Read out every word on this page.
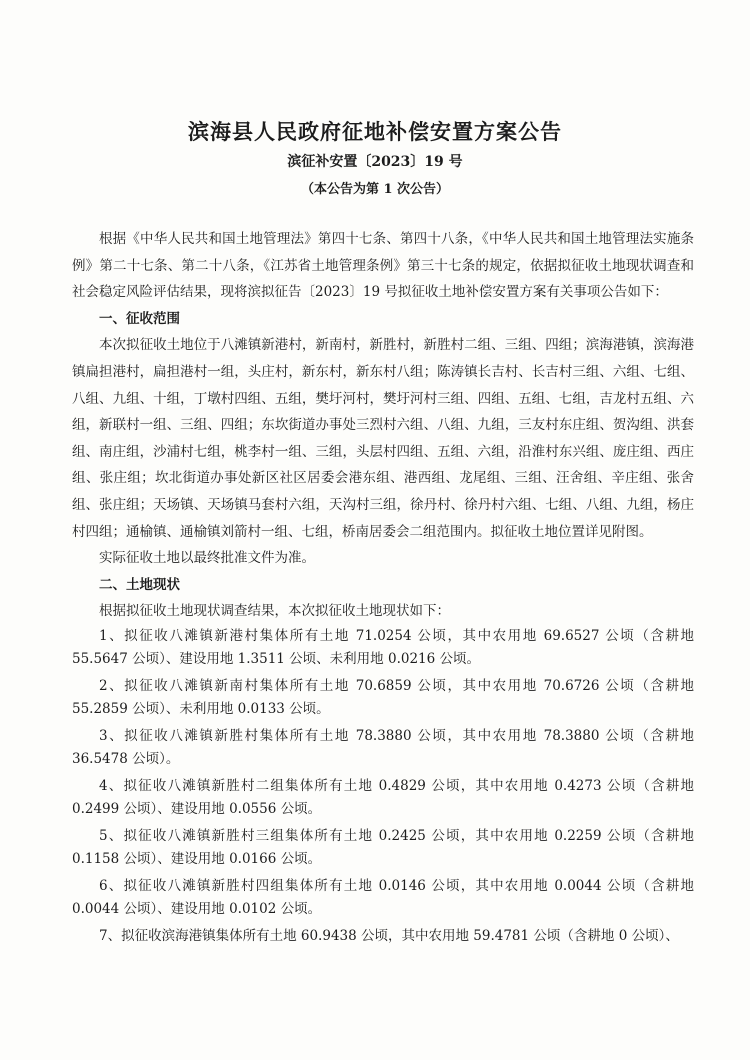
滨海县人民政府征地补偿安置方案公告
滨征补安置〔2023〕19 号
（本公告为第 1 次公告）

根据《中华人民共和国土地管理法》第四十七条、第四十八条，《中华人民共和国土地管理法实施条例》第二十七条、第二十八条，《江苏省土地管理条例》第三十七条的规定，依据拟征收土地现状调查和社会稳定风险评估结果，现将滨拟征告〔2023〕19 号拟征收土地补偿安置方案有关事项公告如下：

一、征收范围

本次拟征收土地位于八滩镇新港村，新南村，新胜村，新胜村二组、三组、四组；滨海港镇，滨海港镇扁担港村，扁担港村一组，头庄村，新东村，新东村八组；陈涛镇长吉村、长吉村三组、六组、七组、八组、九组、十组，丁墩村四组、五组，樊圩河村，樊圩河村三组、四组、五组、七组，吉龙村五组、六组，新联村一组、三组、四组；东坎街道办事处三烈村六组、八组、九组，三友村东庄组、贺沟组、洪套组、南庄组，沙浦村七组，桃李村一组、三组，头层村四组、五组、六组，沿淮村东兴组、庞庄组、西庄组、张庄组；坎北街道办事处新区社区居委会港东组、港西组、龙尾组、三组、汪舍组、辛庄组、张舍组、张庄组；天场镇、天场镇马套村六组，天沟村三组，徐丹村、徐丹村六组、七组、八组、九组，杨庄村四组；通榆镇、通榆镇刘箭村一组、七组，桥南居委会二组范围内。拟征收土地位置详见附图。

实际征收土地以最终批准文件为准。

二、土地现状

根据拟征收土地现状调查结果，本次拟征收土地现状如下：

1、拟征收八滩镇新港村集体所有土地 71.0254 公顷，其中农用地 69.6527 公顷（含耕地 55.5647 公顷）、建设用地 1.3511 公顷、未利用地 0.0216 公顷。

2、拟征收八滩镇新南村集体所有土地 70.6859 公顷，其中农用地 70.6726 公顷（含耕地 55.2859 公顷）、未利用地 0.0133 公顷。

3、拟征收八滩镇新胜村集体所有土地 78.3880 公顷，其中农用地 78.3880 公顷（含耕地 36.5478 公顷）。

4、拟征收八滩镇新胜村二组集体所有土地 0.4829 公顷，其中农用地 0.4273 公顷（含耕地 0.2499 公顷）、建设用地 0.0556 公顷。

5、拟征收八滩镇新胜村三组集体所有土地 0.2425 公顷，其中农用地 0.2259 公顷（含耕地 0.1158 公顷）、建设用地 0.0166 公顷。

6、拟征收八滩镇新胜村四组集体所有土地 0.0146 公顷，其中农用地 0.0044 公顷（含耕地 0.0044 公顷）、建设用地 0.0102 公顷。

7、拟征收滨海港镇集体所有土地 60.9438 公顷，其中农用地 59.4781 公顷（含耕地 0 公顷）、
